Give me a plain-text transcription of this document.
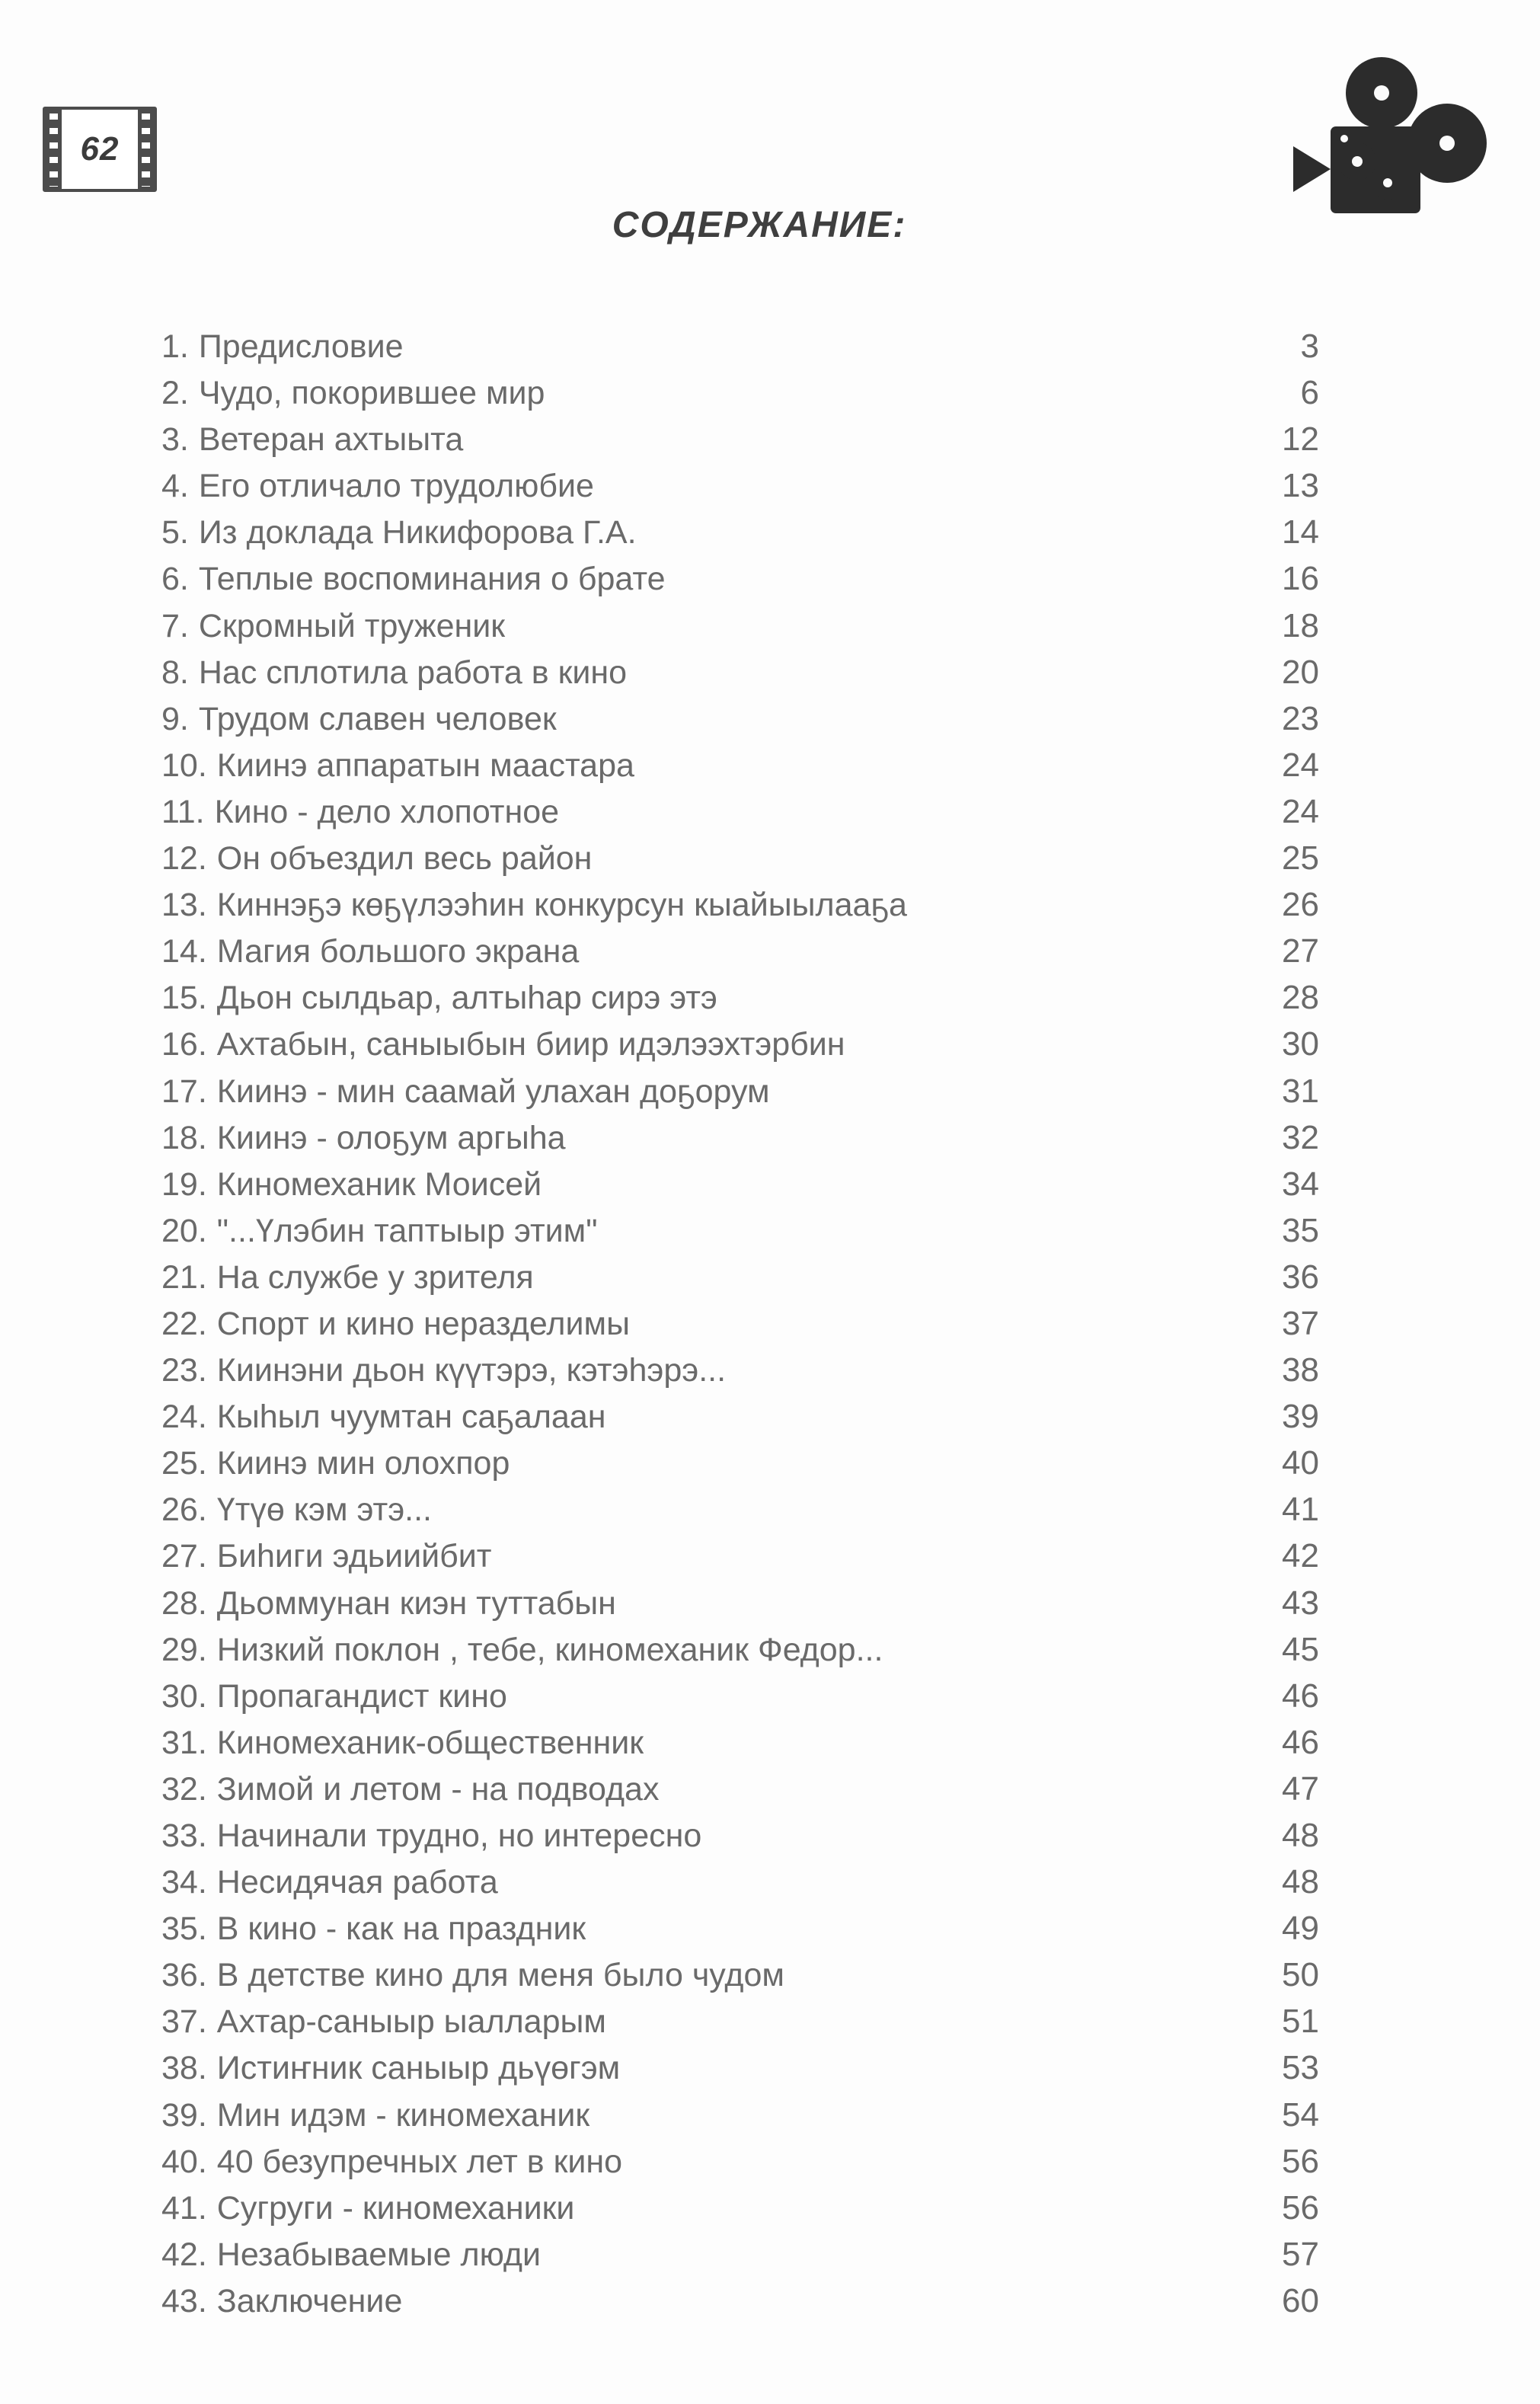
62
СОДЕРЖАНИЕ:
1. Предисловие	3
2. Чудо, покорившее мир	6
3. Ветеран ахтыыта	12
4. Его отличало трудолюбие	13
5. Из доклада Никифорова Г.А.	14
6. Теплые воспоминания о брате	16
7. Скромный труженик	18
8. Нас сплотила работа в кино	20
9. Трудом славен человек	23
10. Киинэ аппаратын маастара	24
11. Кино - дело хлопотное	24
12. Он объездил весь район	25
13. Киннэҕэ көҕүлээһин конкурсун кыайыылааҕа	26
14. Магия большого экрана	27
15. Дьон сылдьар, алтыһар сирэ этэ	28
16. Ахтабын, саныыбын биир идэлээхтэрбин	30
17. Киинэ - мин саамай улахан доҕорум	31
18. Киинэ - олоҕум аргыһа	32
19. Киномеханик Моисей	34
20. "...Үлэбин таптыыр этим"	35
21. На службе у зрителя	36
22. Спорт и кино неразделимы	37
23. Киинэни дьон күүтэрэ, кэтэһэрэ...	38
24. Кыһыл чуумтан саҕалаан	39
25. Киинэ мин олохпор	40
26. Үтүө кэм этэ...	41
27. Биһиги эдьиийбит	42
28. Дьоммунан киэн туттабын	43
29. Низкий поклон , тебе, киномеханик Федор...	45
30. Пропагандист кино	46
31. Киномеханик-общественник	46
32. Зимой и летом - на подводах	47
33. Начинали трудно, но интересно	48
34. Несидячая работа	48
35. В кино - как на праздник	49
36. В детстве кино для меня было чудом	50
37. Ахтар-саныыр ыалларым	51
38. Истиҥник саныыр дьүөгэм	53
39. Мин идэм - киномеханик	54
40. 40 безупречных лет в кино	56
41. Сугруги - киномеханики	56
42. Незабываемые люди	57
43. Заключение	60
